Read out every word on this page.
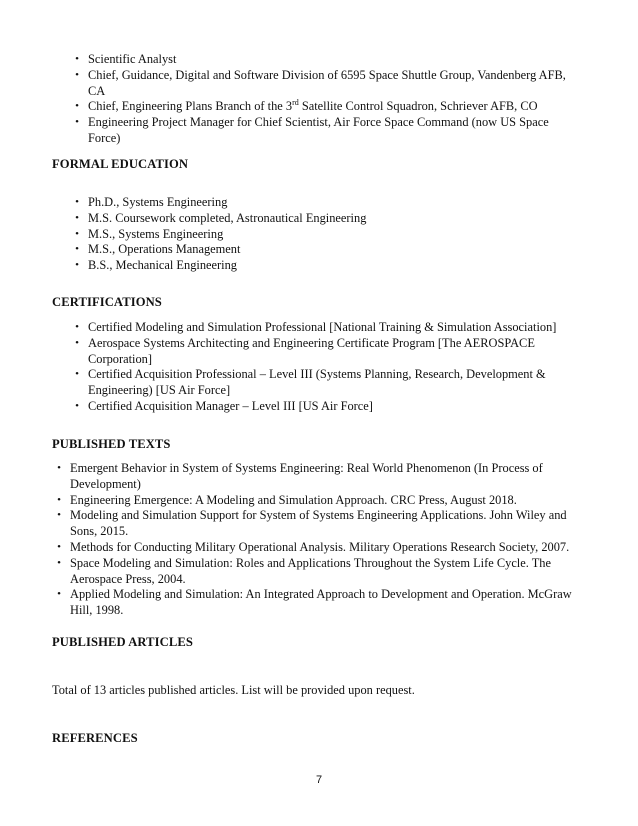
• Scientific Analyst
• Chief, Guidance, Digital and Software Division of 6595 Space Shuttle Group, Vandenberg AFB, CA
• Chief, Engineering Plans Branch of the 3rd Satellite Control Squadron, Schriever AFB, CO
• Engineering Project Manager for Chief Scientist, Air Force Space Command (now US Space Force)
FORMAL EDUCATION
• Ph.D., Systems Engineering
• M.S. Coursework completed, Astronautical Engineering
• M.S., Systems Engineering
• M.S., Operations Management
• B.S., Mechanical Engineering
CERTIFICATIONS
• Certified Modeling and Simulation Professional [National Training & Simulation Association]
• Aerospace Systems Architecting and Engineering Certificate Program [The AEROSPACE Corporation]
• Certified Acquisition Professional – Level III (Systems Planning, Research, Development & Engineering) [US Air Force]
• Certified Acquisition Manager – Level III [US Air Force]
PUBLISHED TEXTS
• Emergent Behavior in System of Systems Engineering: Real World Phenomenon (In Process of Development)
• Engineering Emergence: A Modeling and Simulation Approach. CRC Press, August 2018.
• Modeling and Simulation Support for System of Systems Engineering Applications. John Wiley and Sons, 2015.
• Methods for Conducting Military Operational Analysis. Military Operations Research Society, 2007.
• Space Modeling and Simulation: Roles and Applications Throughout the System Life Cycle. The Aerospace Press, 2004.
• Applied Modeling and Simulation: An Integrated Approach to Development and Operation. McGraw Hill, 1998.
PUBLISHED ARTICLES
Total of 13 articles published articles. List will be provided upon request.
REFERENCES
7
